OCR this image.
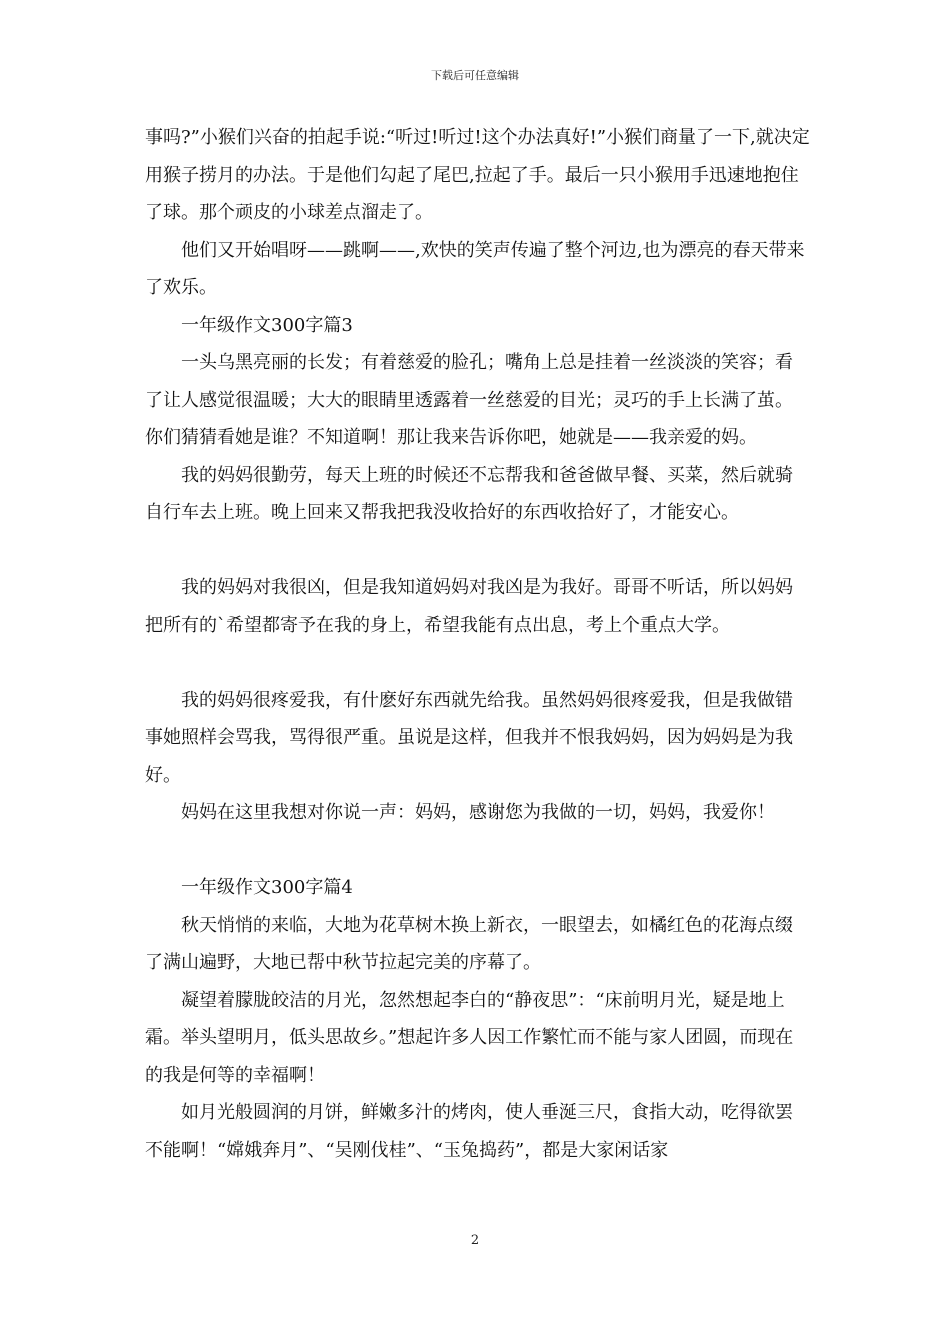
下载后可任意编辑

事吗?”小猴们兴奋的拍起手说:“听过!听过!这个办法真好!”小猴们商量了一下,就决定用猴子捞月的办法。于是他们勾起了尾巴,拉起了手。最后一只小猴用手迅速地抱住了球。那个顽皮的小球差点溜走了。

他们又开始唱呀——跳啊——,欢快的笑声传遍了整个河边,也为漂亮的春天带来了欢乐。

一年级作文300字篇3

一头乌黑亮丽的长发；有着慈爱的脸孔；嘴角上总是挂着一丝淡淡的笑容；看了让人感觉很温暖；大大的眼睛里透露着一丝慈爱的目光；灵巧的手上长满了茧。你们猜猜看她是谁？不知道啊！那让我来告诉你吧，她就是——我亲爱的妈。

我的妈妈很勤劳，每天上班的时候还不忘帮我和爸爸做早餐、买菜，然后就骑自行车去上班。晚上回来又帮我把我没收拾好的东西收拾好了，才能安心。

我的妈妈对我很凶，但是我知道妈妈对我凶是为我好。哥哥不听话，所以妈妈把所有的`希望都寄予在我的身上，希望我能有点出息，考上个重点大学。

我的妈妈很疼爱我，有什麽好东西就先给我。虽然妈妈很疼爱我，但是我做错事她照样会骂我，骂得很严重。虽说是这样，但我并不恨我妈妈，因为妈妈是为我好。

妈妈在这里我想对你说一声：妈妈，感谢您为我做的一切，妈妈，我爱你！

一年级作文300字篇4

秋天悄悄的来临，大地为花草树木换上新衣，一眼望去，如橘红色的花海点缀了满山遍野，大地已帮中秋节拉起完美的序幕了。

凝望着朦胧皎洁的月光，忽然想起李白的“静夜思”：“床前明月光，疑是地上霜。举头望明月，低头思故乡。”想起许多人因工作繁忙而不能与家人团圆，而现在的我是何等的幸福啊！

如月光般圆润的月饼，鲜嫩多汁的烤肉，使人垂涎三尺，食指大动，吃得欲罢不能啊！“嫦娥奔月”、“吴刚伐桂”、“玉兔捣药”，都是大家闲话家

2
